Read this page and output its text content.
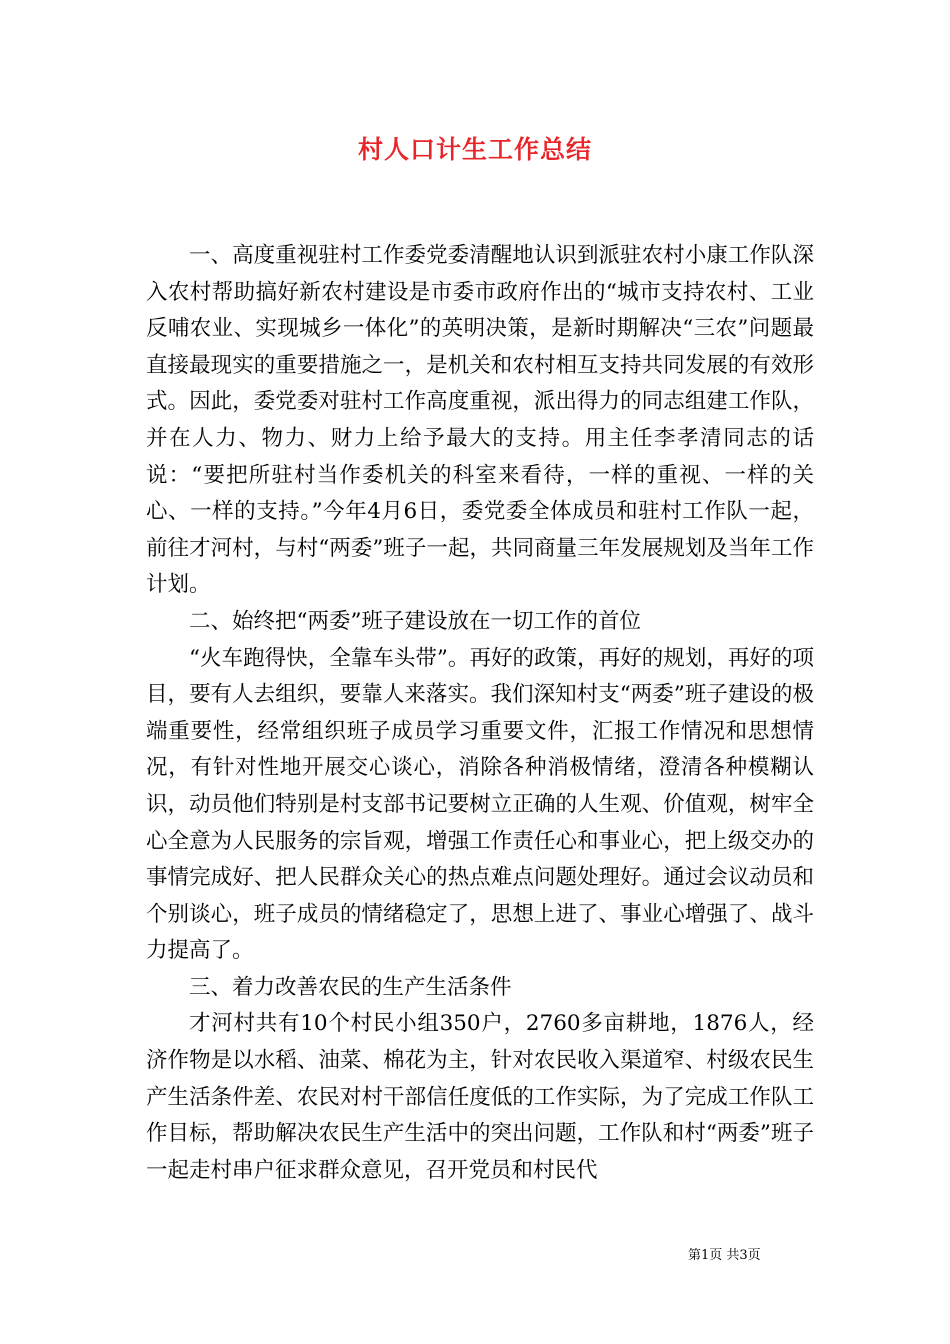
村人口计生工作总结

一、高度重视驻村工作委党委清醒地认识到派驻农村小康工作队深入农村帮助搞好新农村建设是市委市政府作出的“城市支持农村、工业反哺农业、实现城乡一体化”的英明决策，是新时期解决“三农”问题最直接最现实的重要措施之一，是机关和农村相互支持共同发展的有效形式。因此，委党委对驻村工作高度重视，派出得力的同志组建工作队，并在人力、物力、财力上给予最大的支持。用主任李孝清同志的话说：“要把所驻村当作委机关的科室来看待，一样的重视、一样的关心、一样的支持。”今年4月6日，委党委全体成员和驻村工作队一起，前往才河村，与村“两委”班子一起，共同商量三年发展规划及当年工作计划。

二、始终把“两委”班子建设放在一切工作的首位

“火车跑得快，全靠车头带”。再好的政策，再好的规划，再好的项目，要有人去组织，要靠人来落实。我们深知村支“两委”班子建设的极端重要性，经常组织班子成员学习重要文件，汇报工作情况和思想情况，有针对性地开展交心谈心，消除各种消极情绪，澄清各种模糊认识，动员他们特别是村支部书记要树立正确的人生观、价值观，树牢全心全意为人民服务的宗旨观，增强工作责任心和事业心，把上级交办的事情完成好、把人民群众关心的热点难点问题处理好。通过会议动员和个别谈心，班子成员的情绪稳定了，思想上进了、事业心增强了、战斗力提高了。

三、着力改善农民的生产生活条件

才河村共有10个村民小组350户，2760多亩耕地，1876人，经济作物是以水稻、油菜、棉花为主，针对农民收入渠道窄、村级农民生产生活条件差、农民对村干部信任度低的工作实际，为了完成工作队工作目标，帮助解决农民生产生活中的突出问题，工作队和村“两委”班子一起走村串户征求群众意见，召开党员和村民代

第1页 共3页
